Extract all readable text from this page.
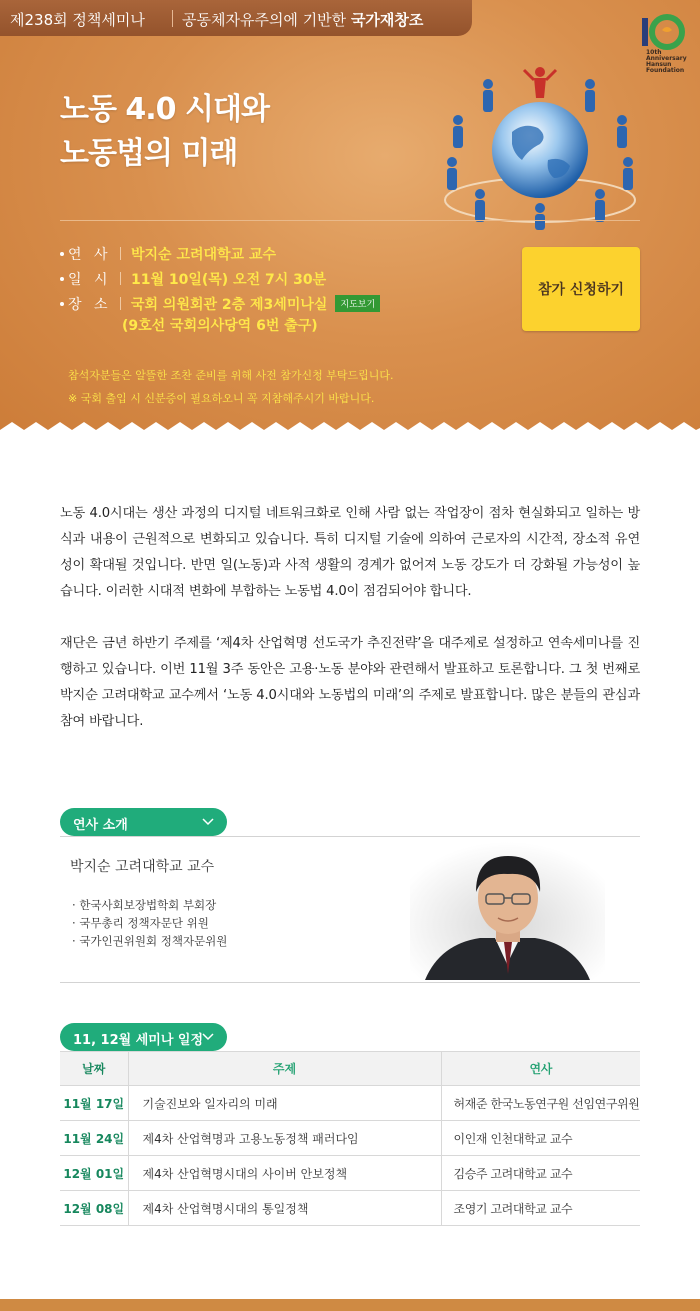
제238회 정책세미나 공동체자유주의에 기반한 국가재창조
10th
Anniversary
Hansun
Foundation
노동 4.0 시대와
노동법의 미래
연 사 박지순 고려대학교 교수
일 시 11월 10일(목) 오전 7시 30분
장 소 국회 의원회관 2층 제3세미나실 지도보기
(9호선 국회의사당역 6번 출구)
참가 신청하기
참석자분들은 알뜰한 조찬 준비를 위해 사전 참가신청 부탁드립니다.
※ 국회 출입 시 신분증이 필요하오니 꼭 지참해주시기 바랍니다.

노동 4.0시대는 생산 과정의 디지털 네트워크화로 인해 사람 없는 작업장이 점차 현실화되고 일하는 방식과 내용이 근원적으로 변화되고 있습니다. 특히 디지털 기술에 의하여 근로자의 시간적, 장소적 유연성이 확대될 것입니다. 반면 일(노동)과 사적 생활의 경계가 없어져 노동 강도가 더 강화될 가능성이 높습니다. 이러한 시대적 변화에 부합하는 노동법 4.0이 점검되어야 합니다.

재단은 금년 하반기 주제를 ‘제4차 산업혁명 선도국가 추진전략’을 대주제로 설정하고 연속세미나를 진행하고 있습니다. 이번 11월 3주 동안은 고용·노동 분야와 관련해서 발표하고 토론합니다. 그 첫 번째로 박지순 고려대학교 교수께서 ‘노동 4.0시대와 노동법의 미래’의 주제로 발표합니다. 많은 분들의 관심과 참여 바랍니다.

연사 소개
박지순 고려대학교 교수
· 한국사회보장법학회 부회장
· 국무총리 정책자문단 위원
· 국가인권위원회 정책자문위원
11, 12월 세미나 일정
날짜	주제	연사
11월 17일	기술진보와 일자리의 미래	허재준 한국노동연구원 선임연구위원
11월 24일	제4차 산업혁명과 고용노동정책 패러다임	이인재 인천대학교 교수
12월 01일	제4차 산업혁명시대의 사이버 안보정책	김승주 고려대학교 교수
12월 08일	제4차 산업혁명시대의 통일정책	조영기 고려대학교 교수
